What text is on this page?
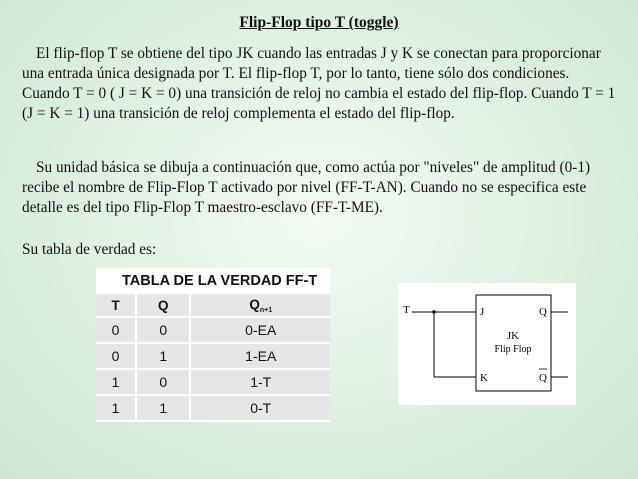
Flip-Flop tipo T (toggle)

El flip-flop T se obtiene del tipo JK cuando las entradas J y K se conectan para proporcionar una entrada única designada por T. El flip-flop T, por lo tanto, tiene sólo dos condiciones. Cuando T = 0 ( J = K = 0) una transición de reloj no cambia el estado del flip-flop. Cuando T = 1 (J = K = 1) una transición de reloj complementa el estado del flip-flop.

Su unidad básica se dibuja a continuación que, como actúa por "niveles" de amplitud (0-1) recibe el nombre de Flip-Flop T activado por nivel (FF-T-AN). Cuando no se especifica este detalle es del tipo Flip-Flop T maestro-esclavo (FF-T-ME).

Su tabla de verdad es:

TABLA DE LA VERDAD FF-T		
T	Q	$Q_{n+1}$
0	0	0-EA
0	1	1-EA
1	0	1-T
1	1	0-T
T	J
K
Q
Q
JK
Flip Flop
